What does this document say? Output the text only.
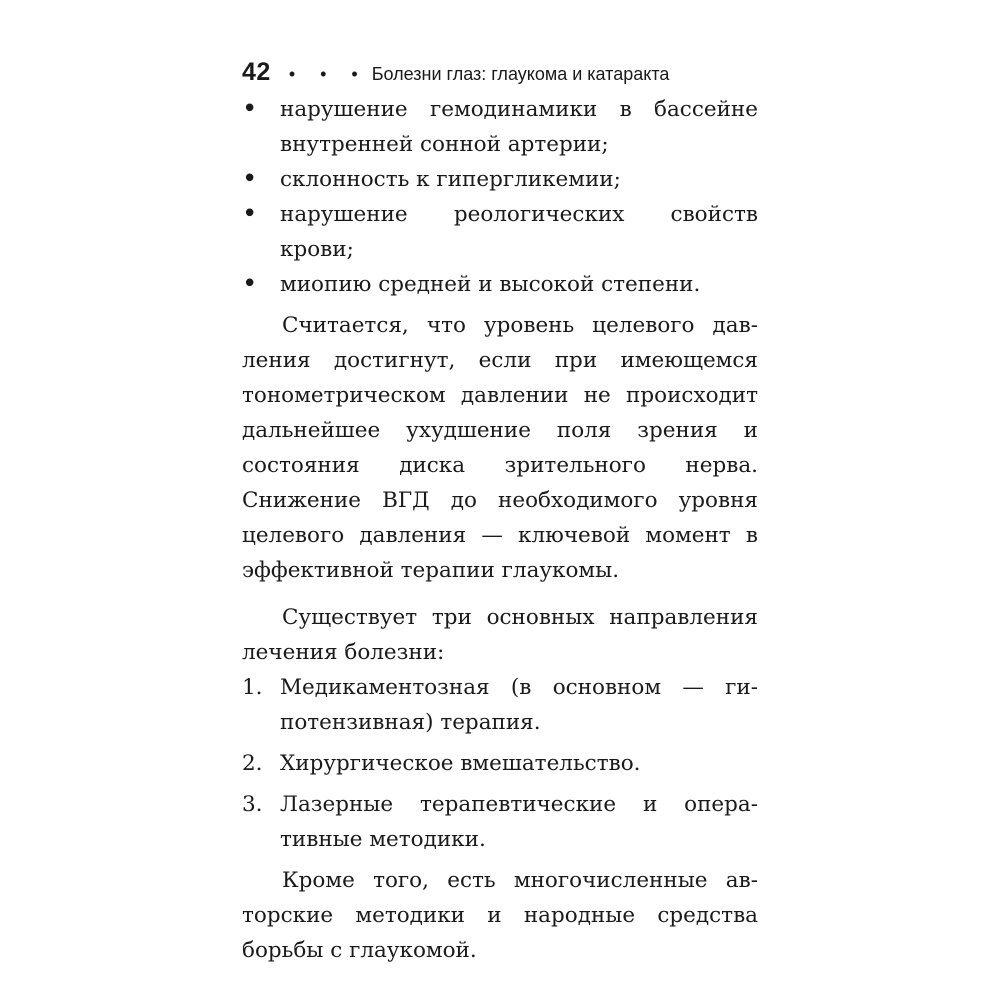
42 • • • Болезни глаз: глаукома и катаракта
•	нарушение гемодинамики в бассейне внутренней сонной артерии;
•	склонность к гипергликемии;
•	нарушение реологических свойств крови;
•	миопию средней и высокой степени.

Считается, что уровень целевого давления достигнут, если при имеющемся тонометрическом давлении не происходит дальнейшее ухудшение поля зрения и состояния диска зрительного нерва. Снижение ВГД до необходимого уровня целевого давления — ключевой момент в эффективной терапии глаукомы.

Существует три основных направления лечения болезни:

1. Медикаментозная (в основном — гипотензивная) терапия.
2. Хирургическое вмешательство.
3. Лазерные терапевтические и оперативные методики.

Кроме того, есть многочисленные авторские методики и народные средства борьбы с глаукомой.
